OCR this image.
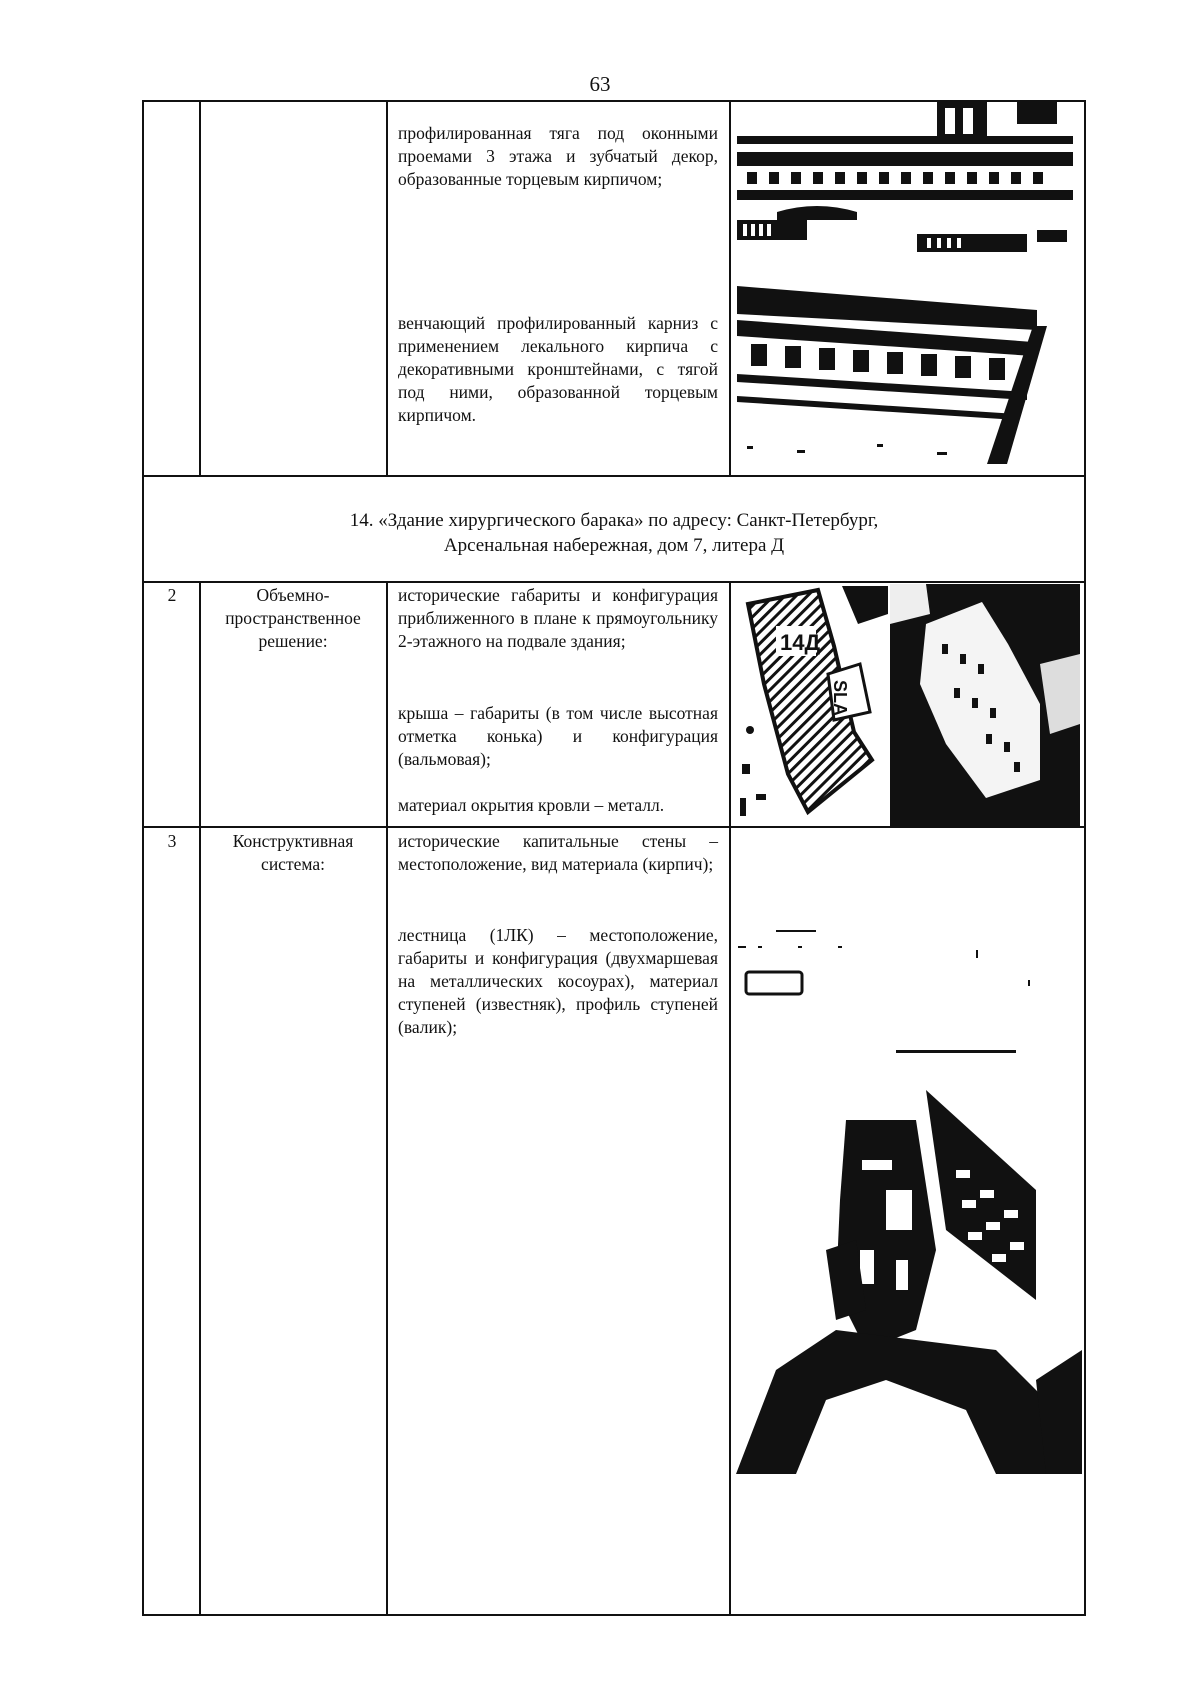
63
профилированная тяга под оконными проемами 3 этажа и зубчатый декор, образованные торцевым кирпичом;
венчающий профилированный карниз с применением лекального кирпича с декоративными кронштейнами, с тягой под ними, образованной торцевым кирпичом.
14. «Здание хирургического барака» по адресу: Санкт-Петербург,
Арсенальная набережная, дом 7, литера Д
2	Объемно-пространственное решение:
исторические габариты и конфигурация приближенного в плане к прямоугольнику 2-этажного на подвале здания;
крыша – габариты (в том числе высотная отметка конька) и конфигурация (вальмовая);
материал окрытия кровли – металл.
14Д
SLA
3	Конструктивная система:
исторические капитальные стены – местоположение, вид материала (кирпич);
лестница (1ЛК) – местоположение, габариты и конфигурация (двухмаршевая на металлических косоурах), материал ступеней (известняк), профиль ступеней (валик);
